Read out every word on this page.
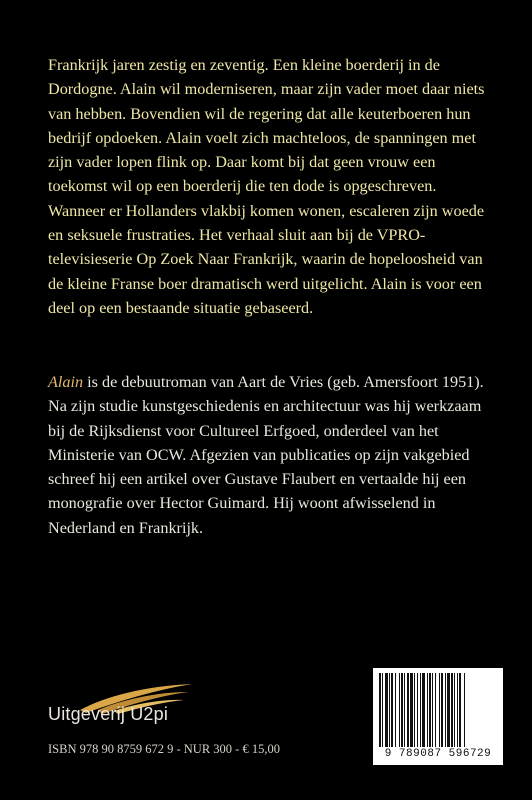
Frankrijk jaren zestig en zeventig. Een kleine boerderij in de Dordogne. Alain wil moderniseren, maar zijn vader moet daar niets van hebben. Bovendien wil de regering dat alle keuterboeren hun bedrijf opdoeken. Alain voelt zich machteloos, de spanningen met zijn vader lopen flink op. Daar komt bij dat geen vrouw een toekomst wil op een boerderij die ten dode is opgeschreven. Wanneer er Hollanders vlakbij komen wonen, escaleren zijn woede en seksuele frustraties. Het verhaal sluit aan bij de VPRO-televisieserie Op Zoek Naar Frankrijk, waarin de hopeloosheid van de kleine Franse boer dramatisch werd uitgelicht. Alain is voor een deel op een bestaande situatie gebaseerd.

Alain is de debuutroman van Aart de Vries (geb. Amersfoort 1951). Na zijn studie kunstgeschiedenis en architectuur was hij werkzaam bij de Rijksdienst voor Cultureel Erfgoed, onderdeel van het Ministerie van OCW. Afgezien van publicaties op zijn vakgebied schreef hij een artikel over Gustave Flaubert en vertaalde hij een monografie over Hector Guimard. Hij woont afwisselend in Nederland en Frankrijk.

Uitgeverij U2pi
ISBN 978 90 8759 672 9 - NUR 300 - € 15,00	9 789087 596729
